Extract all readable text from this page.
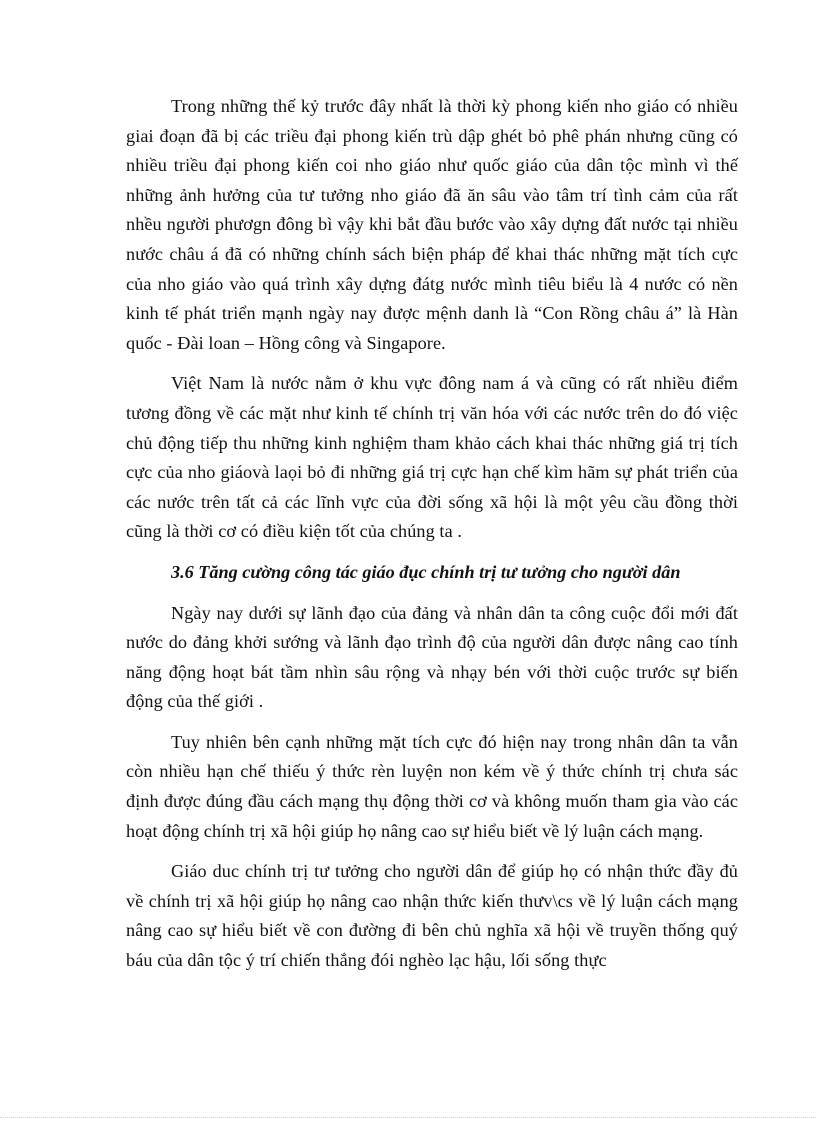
Trong những thế kỷ trước đây nhất là thời kỳ phong kiến nho giáo có nhiều giai đoạn đã bị các triều đại phong kiến trù dập ghét bỏ phê phán nhưng cũng có nhiều triều đại phong kiến coi nho giáo như quốc giáo của dân tộc mình vì thế những ảnh hưởng của tư tưởng nho giáo đã ăn sâu vào tâm trí tình cảm của rất nhều người phươgn đông bì vậy khi bắt đầu bước vào xây dựng đất nước tại nhiều nước châu á đã có những chính sách biện pháp để khai thác những mặt tích cực của nho giáo vào quá trình xây dựng đátg nước mình tiêu biểu là 4 nước có nền kinh tế phát triển mạnh ngày nay được mệnh danh là “Con Rồng châu á” là Hàn quốc - Đài loan – Hồng công và Singapore.

Việt Nam là nước nằm ở khu vực đông nam á và cũng có rất nhiều điểm tương đồng về các mặt như kinh tế chính trị văn hóa với các nước trên do đó việc chủ động tiếp thu những kinh nghiệm tham khảo cách khai thác những giá trị tích cực của nho giáovà laọi bỏ đi những giá trị cực hạn chế kìm hãm sự phát triển của các nước trên tất cả các lĩnh vực của đời sống xã hội là một yêu cầu đồng thời cũng là thời cơ có điều kiện tốt của chúng ta .

3.6 Tăng cường công tác giáo đục chính trị tư tưởng cho người dân

Ngày nay dưới sự lãnh đạo của đảng và nhân dân ta công cuộc đổi mới đất nước do đảng khởi sướng và lãnh đạo trình độ của người dân được nâng cao tính năng động hoạt bát tầm nhìn sâu rộng và nhạy bén với thời cuộc trước sự biến động của thế giới .

Tuy nhiên bên cạnh những mặt tích cực đó hiện nay trong nhân dân ta vẫn còn nhiều hạn chế thiếu ý thức rèn luyện non kém về ý thức chính trị chưa sác định được đúng đầu cách mạng thụ động thời cơ và không muốn tham gia vào các hoạt động chính trị xã hội giúp họ nâng cao sự hiểu biết về lý luận cách mạng.

Giáo duc chính trị tư tưởng cho người dân để giúp họ có nhận thức đầy đủ về chính trị xã hội giúp họ nâng cao nhận thức kiến thưv\cs về lý luận cách mạng nâng cao sự hiểu biết về con đường đi bên chủ nghĩa xã hội về truyền thống quý báu của dân tộc ý trí chiến thắng đói nghèo lạc hậu, lối sống thực
